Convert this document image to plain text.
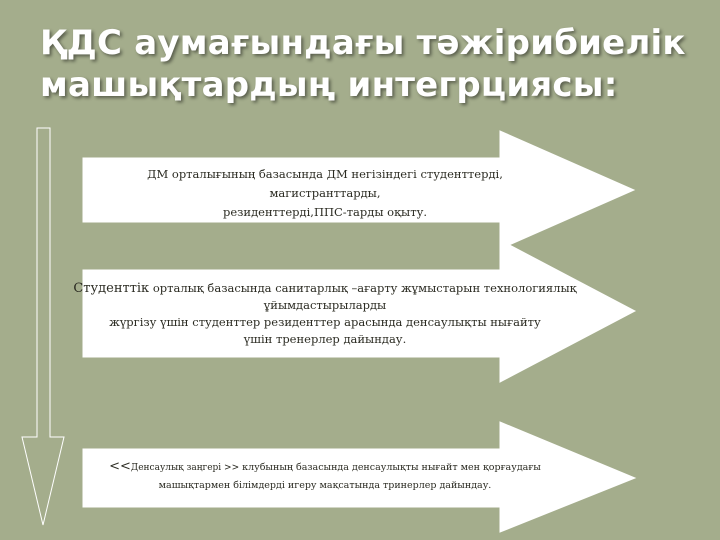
ҚДС аумағындағы тәжірибиелік
машықтардың интегрциясы:
ДМ орталығының базасында ДМ негізіндегі студенттерді,
магистранттарды,
резиденттерді,ППС-тарды оқыту.
Студенттік орталық базасында санитарлық –ағарту жұмыстарын технологиялық
ұйымдастырыларды
жүргізу үшін студенттер резиденттер арасында денсаулықты нығайту
үшін тренерлер дайындау.
<<Денсаулық заңгері >> клубының базасында денсаулықты нығайт мен қорғаудағы
машықтармен білімдерді игеру мақсатында тринерлер дайындау.
